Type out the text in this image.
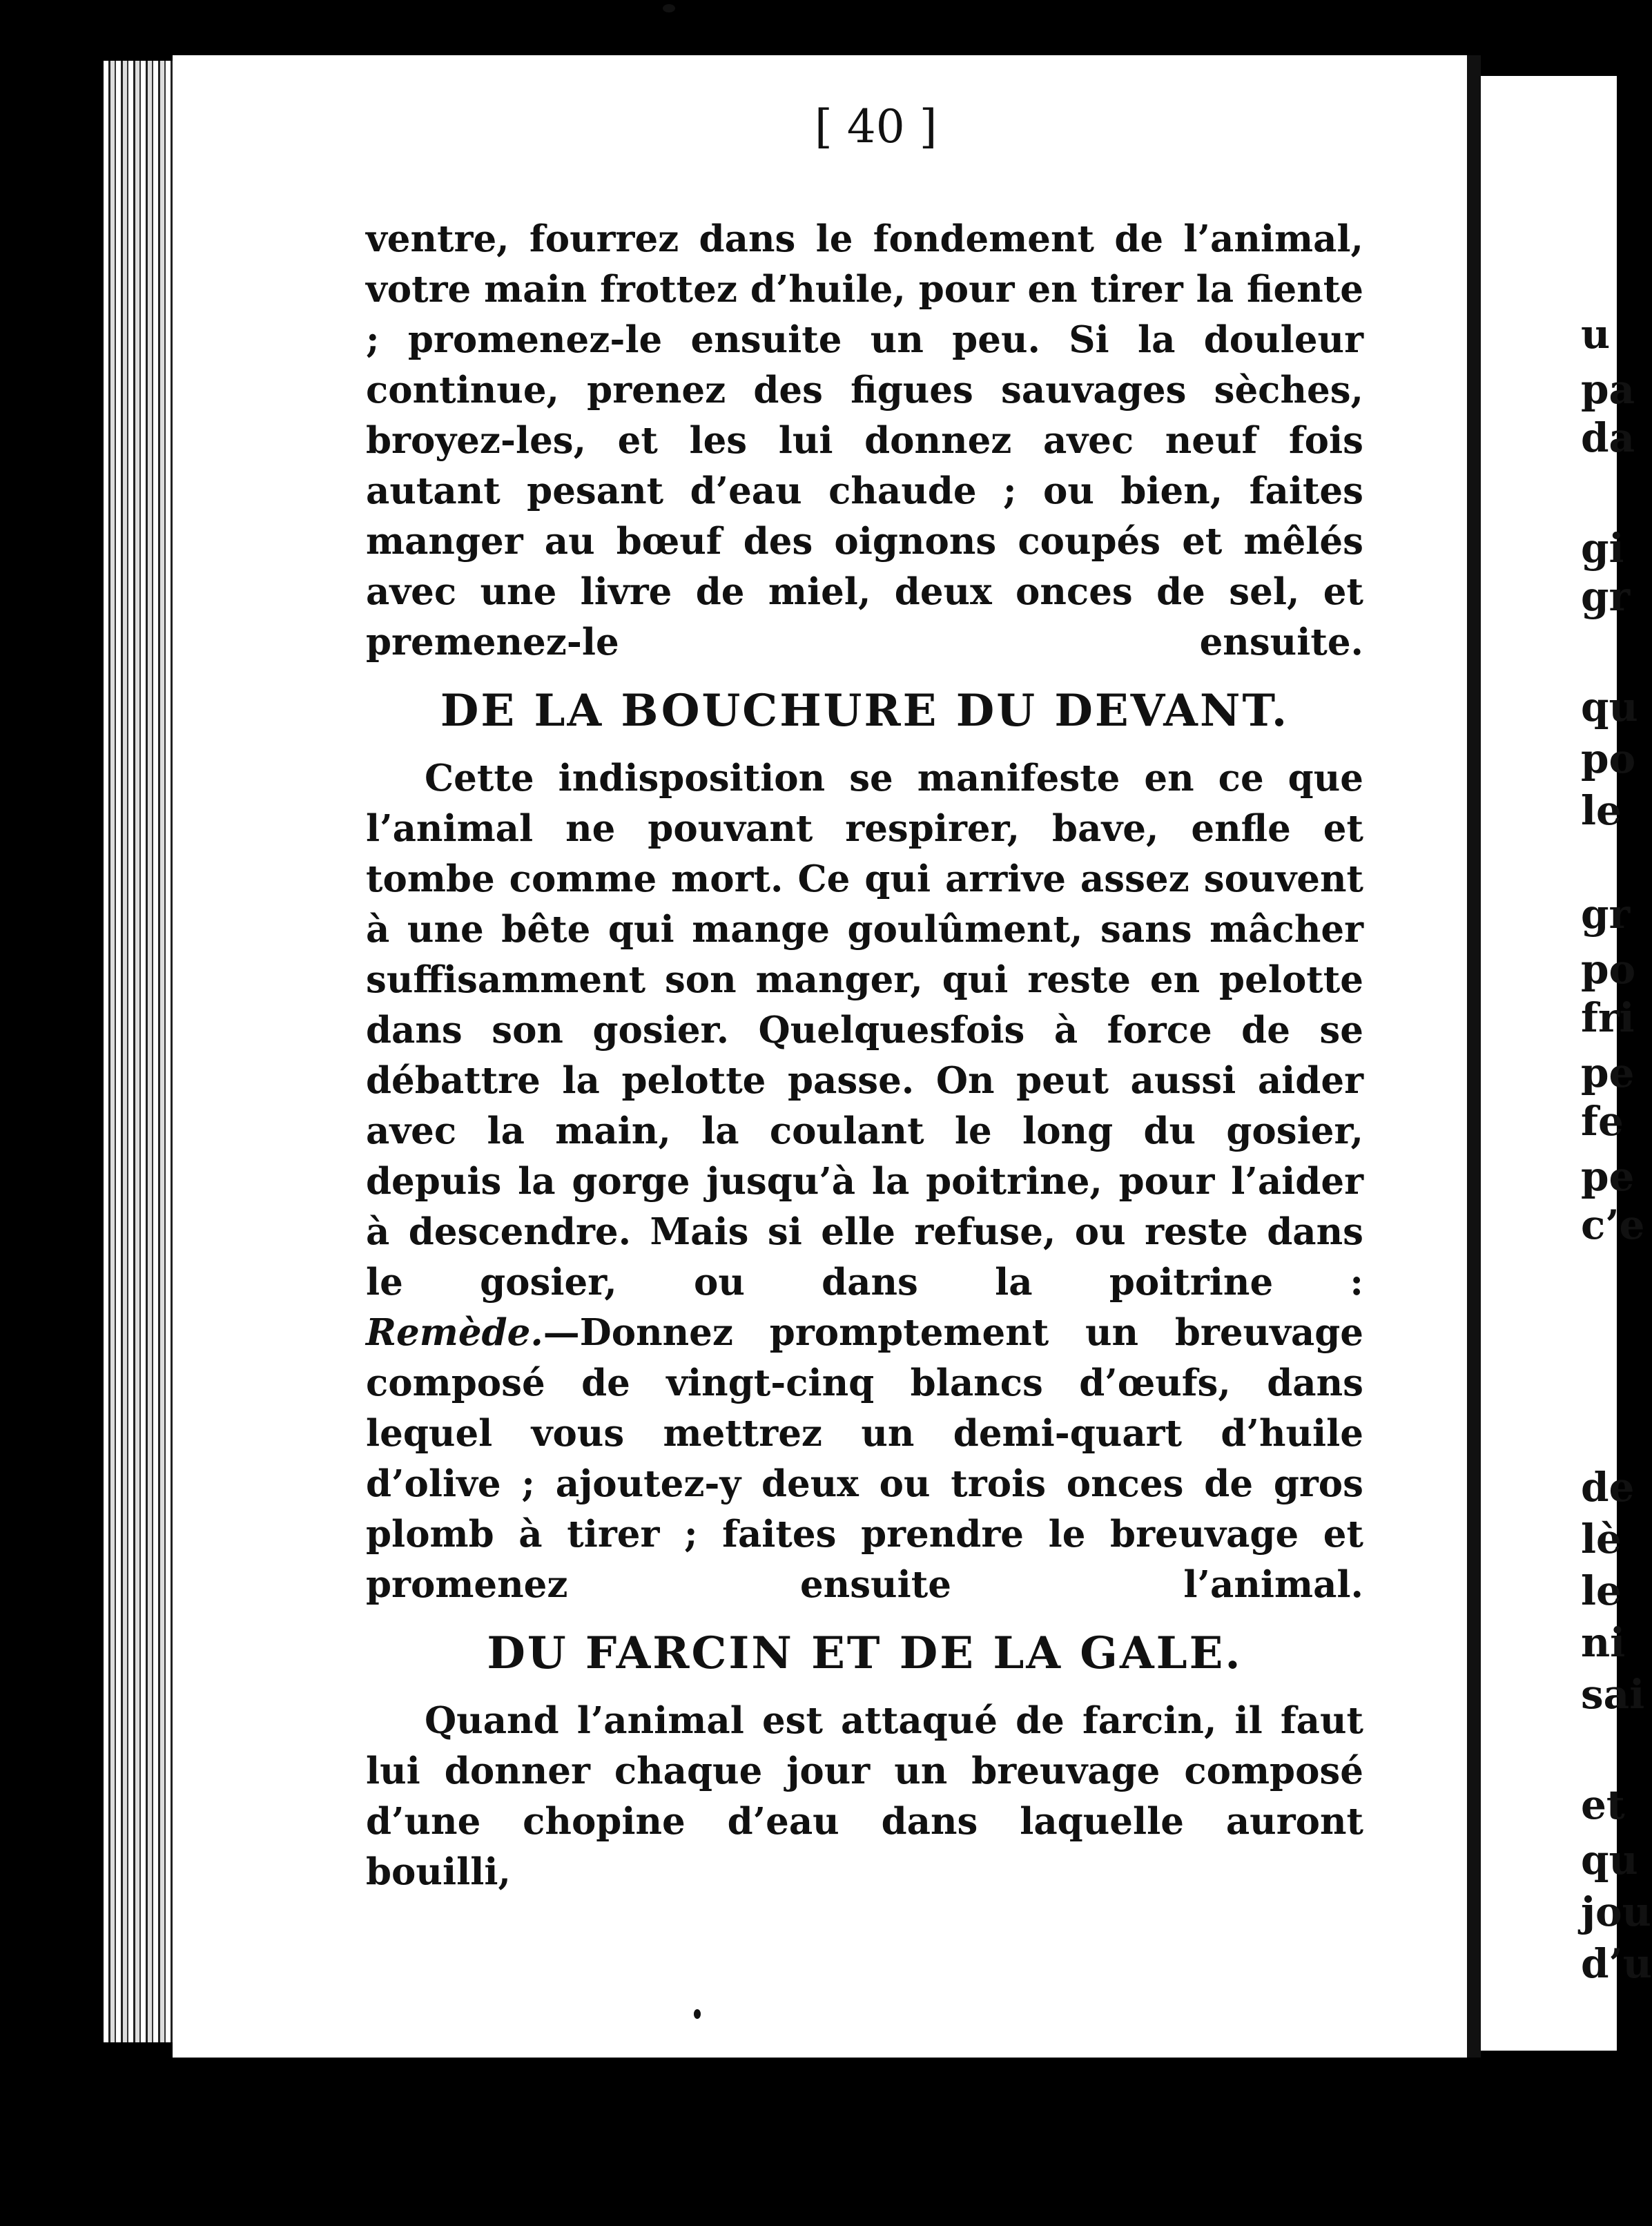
u
pa
da
gi
gr
qu
po
le
gr
po
fri
pe
fe
pe
c’e
de
lè
le
ni
sai
et
qu
jou
d’u
[ 40 ]

ventre, fourrez dans le fondement de l’animal, votre main frottez d’huile, pour en tirer la fiente ; promenez-le ensuite un peu. Si la douleur continue, prenez des figues sauvages sèches, broyez-les, et les lui donnez avec neuf fois autant pesant d’eau chaude ; ou bien, faites manger au bœuf des oignons coupés et mêlés avec une livre de miel, deux onces de sel, et premenez-le ensuite.

DE LA BOUCHURE DU DEVANT.

Cette indisposition se manifeste en ce que l’animal ne pouvant respirer, bave, enfle et tombe comme mort. Ce qui arrive assez souvent à une bête qui mange goulûment, sans mâcher suffisamment son manger, qui reste en pelotte dans son gosier. Quelquesfois à force de se débattre la pelotte passe. On peut aussi aider avec la main, la coulant le long du gosier, depuis la gorge jusqu’à la poitrine, pour l’aider à descendre. Mais si elle refuse, ou reste dans le gosier, ou dans la poitrine :

Remède.—Donnez promptement un breuvage composé de vingt-cinq blancs d’œufs, dans lequel vous mettrez un demi-quart d’huile d’olive ; ajoutez-y deux ou trois onces de gros plomb à tirer ; faites prendre le breuvage et promenez ensuite l’animal.

DU FARCIN ET DE LA GALE.

Quand l’animal est attaqué de farcin, il faut lui donner chaque jour un breuvage composé d’une chopine d’eau dans laquelle auront bouilli,
